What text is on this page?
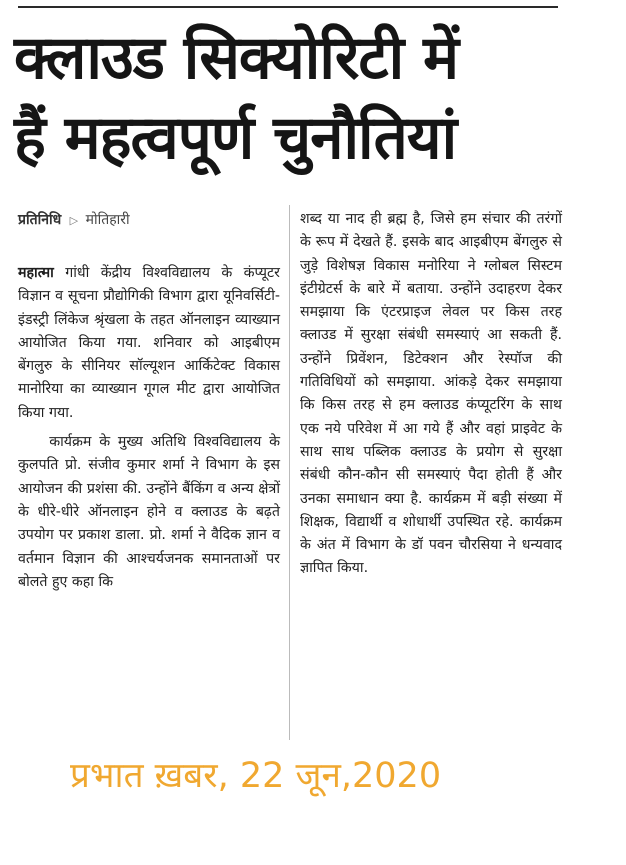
क्लाउड सिक्योरिटी में
हैं महत्वपूर्ण चुनौतियां
प्रतिनिधि ▷ मोतिहारी

महात्मा गांधी केंद्रीय विश्वविद्यालय के कंप्यूटर विज्ञान व सूचना प्रौद्योगिकी विभाग द्वारा यूनिवर्सिटी-इंडस्ट्री लिंकेज श्रृंखला के तहत ऑनलाइन व्याख्यान आयोजित किया गया. शनिवार को आइबीएम बेंगलुरु के सीनियर सॉल्यूशन आर्किटेक्ट विकास मानोरिया का व्याख्यान गूगल मीट द्वारा आयोजित किया गया.

कार्यक्रम के मुख्य अतिथि विश्वविद्यालय के कुलपति प्रो. संजीव कुमार शर्मा ने विभाग के इस आयोजन की प्रशंसा की. उन्होंने बैंकिंग व अन्य क्षेत्रों के धीरे-धीरे ऑनलाइन होने व क्लाउड के बढ़ते उपयोग पर प्रकाश डाला. प्रो. शर्मा ने वैदिक ज्ञान व वर्तमान विज्ञान की आश्चर्यजनक समानताओं पर बोलते हुए कहा कि

शब्द या नाद ही ब्रह्म है, जिसे हम संचार की तरंगों के रूप में देखते हैं. इसके बाद आइबीएम बेंगलुरु से जुड़े विशेषज्ञ विकास मनोरिया ने ग्लोबल सिस्टम इंटीग्रेटर्स के बारे में बताया. उन्होंने उदाहरण देकर समझाया कि एंटरप्राइज लेवल पर किस तरह क्लाउड में सुरक्षा संबंधी समस्याएं आ सकती हैं. उन्होंने प्रिवेंशन, डिटेक्शन और रेस्पॉज की गतिविधियों को समझाया. आंकड़े देकर समझाया कि किस तरह से हम क्लाउड कंप्यूटरिंग के साथ एक नये परिवेश में आ गये हैं और वहां प्राइवेट के साथ साथ पब्लिक क्लाउड के प्रयोग से सुरक्षा संबंधी कौन-कौन सी समस्याएं पैदा होती हैं और उनका समाधान क्या है. कार्यक्रम में बड़ी संख्या में शिक्षक, विद्यार्थी व शोधार्थी उपस्थित रहे. कार्यक्रम के अंत में विभाग के डॉ पवन चौरसिया ने धन्यवाद ज्ञापित किया.

प्रभात ख़बर, 22 जून,2020
